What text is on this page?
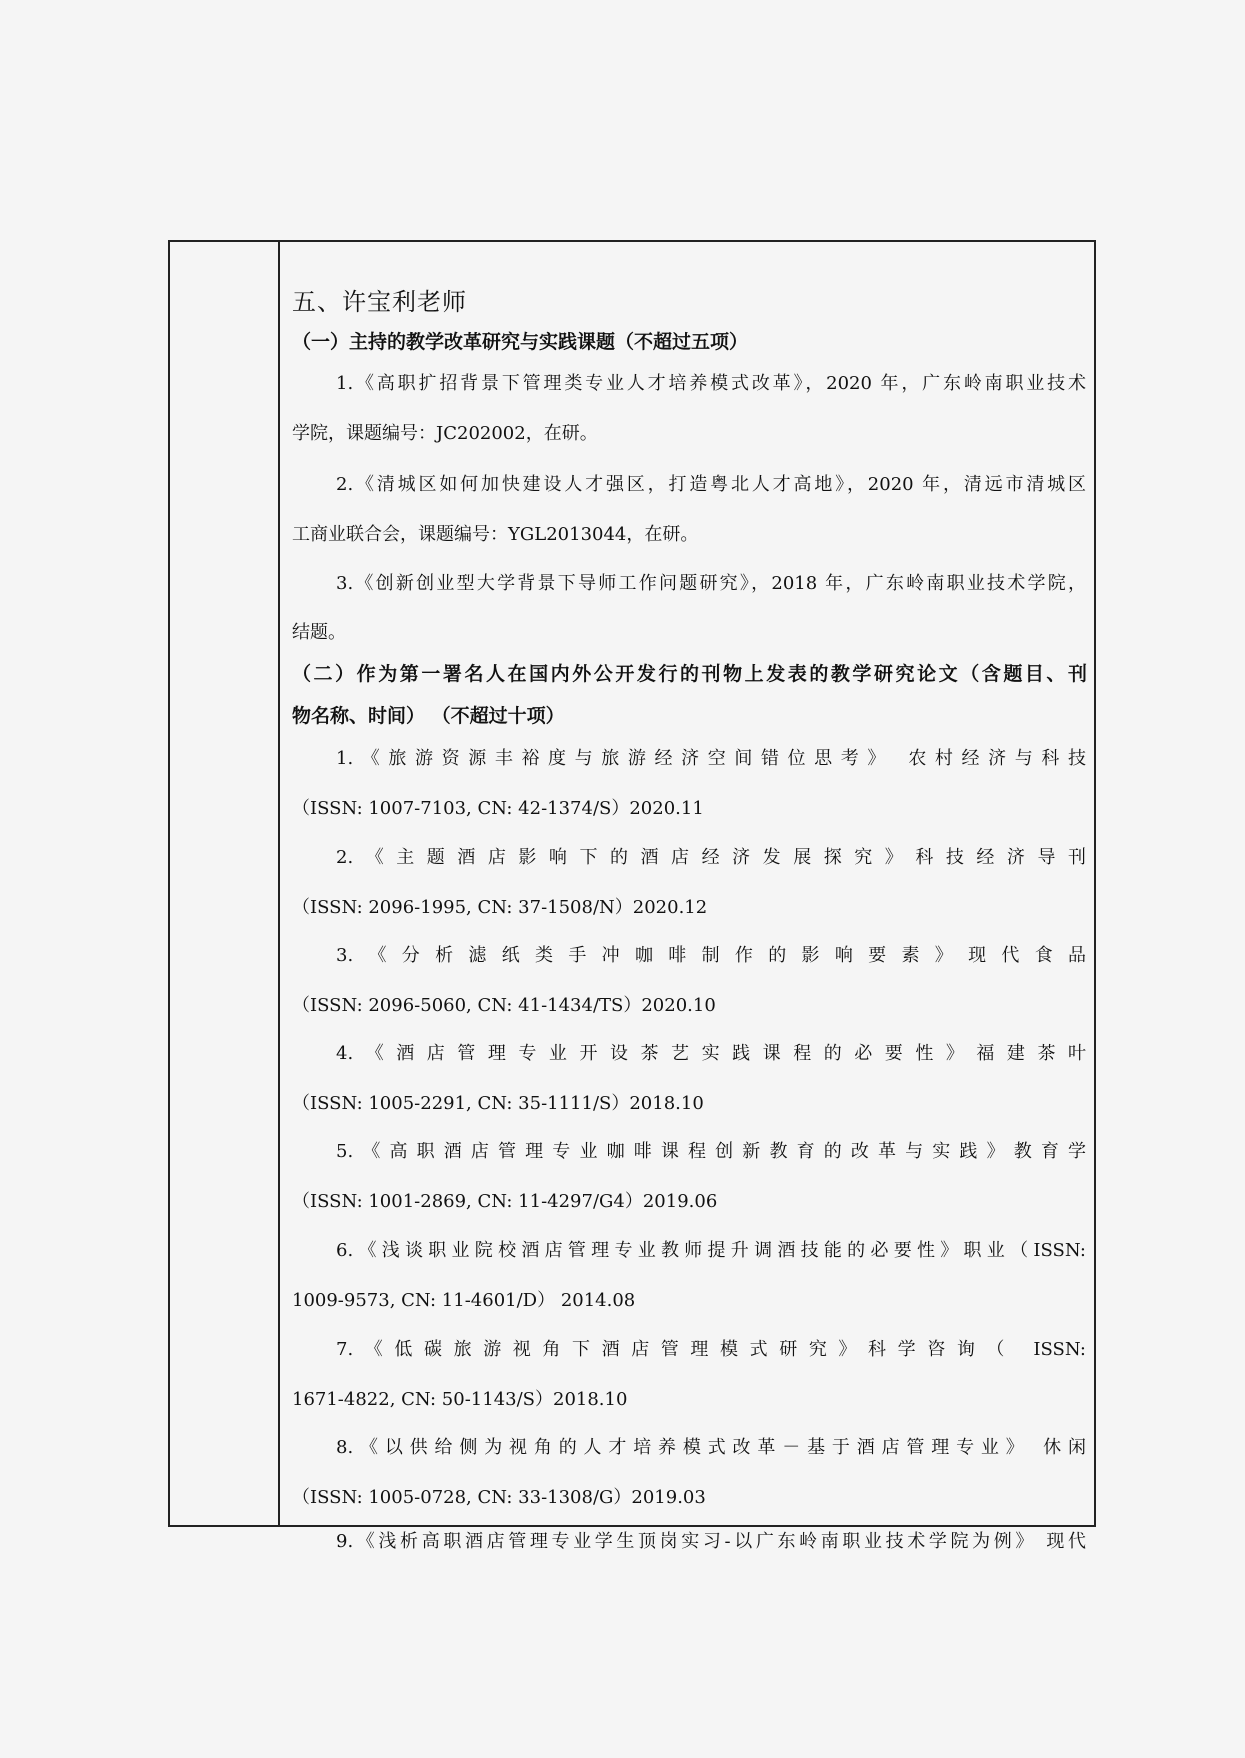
五、许宝利老师
（一）主持的教学改革研究与实践课题（不超过五项）
1.《高职扩招背景下管理类专业人才培养模式改革》，2020 年，广东岭南职业技术
学院，课题编号：JC202002，在研。
2.《清城区如何加快建设人才强区，打造粤北人才高地》，2020 年，清远市清城区
工商业联合会，课题编号：YGL2013044，在研。
3.《创新创业型大学背景下导师工作问题研究》，2018 年，广东岭南职业技术学院，
结题。
（二）作为第一署名人在国内外公开发行的刊物上发表的教学研究论文（含题目、刊
物名称、时间） （不超过十项）
1.《旅游资源丰裕度与旅游经济空间错位思考》 农村经济与科技
（ISSN: 1007-7103, CN: 42-1374/S）2020.11
2.《主题酒店影响下的酒店经济发展探究》科技经济导刊
（ISSN: 2096-1995, CN: 37-1508/N）2020.12
3.《分析滤纸类手冲咖啡制作的影响要素》现代食品
（ISSN: 2096-5060, CN: 41-1434/TS）2020.10
4.《酒店管理专业开设茶艺实践课程的必要性》福建茶叶
（ISSN: 1005-2291, CN: 35-1111/S）2018.10
5.《高职酒店管理专业咖啡课程创新教育的改革与实践》教育学
（ISSN: 1001-2869, CN: 11-4297/G4）2019.06
6.《浅谈职业院校酒店管理专业教师提升调酒技能的必要性》职业（ISSN:
1009-9573, CN: 11-4601/D） 2014.08
7.《低碳旅游视角下酒店管理模式研究》科学咨询（ ISSN:
1671-4822, CN: 50-1143/S）2018.10
8.《以供给侧为视角的人才培养模式改革－基于酒店管理专业》 休闲
（ISSN: 1005-0728, CN: 33-1308/G）2019.03
9.《浅析高职酒店管理专业学生顶岗实习-以广东岭南职业技术学院为例》 现代
